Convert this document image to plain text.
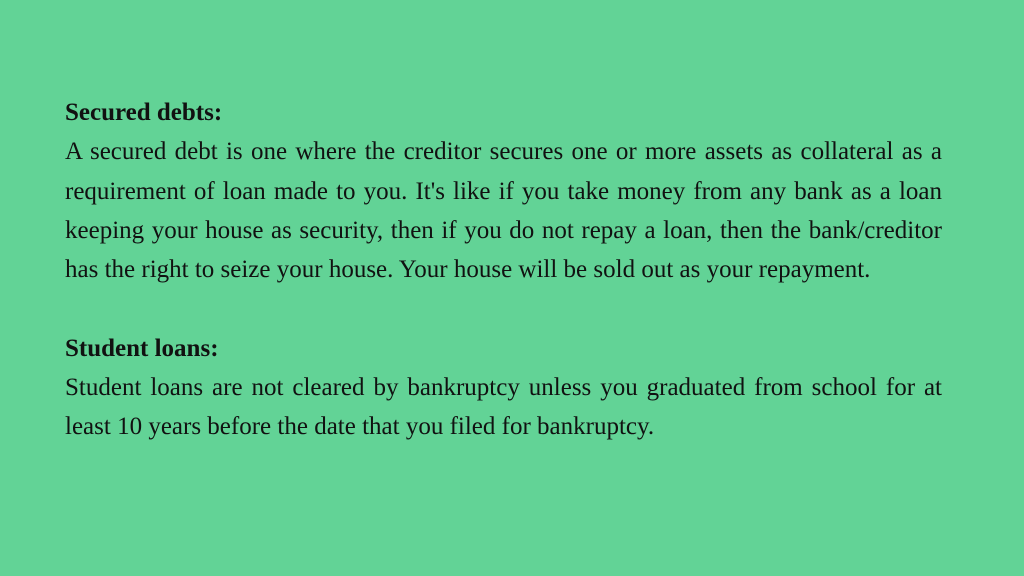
Secured debts:

A secured debt is one where the creditor secures one or more assets as collateral as a requirement of loan made to you. It's like if you take money from any bank as a loan keeping your house as security, then if you do not repay a loan, then the bank/creditor has the right to seize your house. Your house will be sold out as your repayment.

Student loans:

Student loans are not cleared by bankruptcy unless you graduated from school for at least 10 years before the date that you filed for bankruptcy.
